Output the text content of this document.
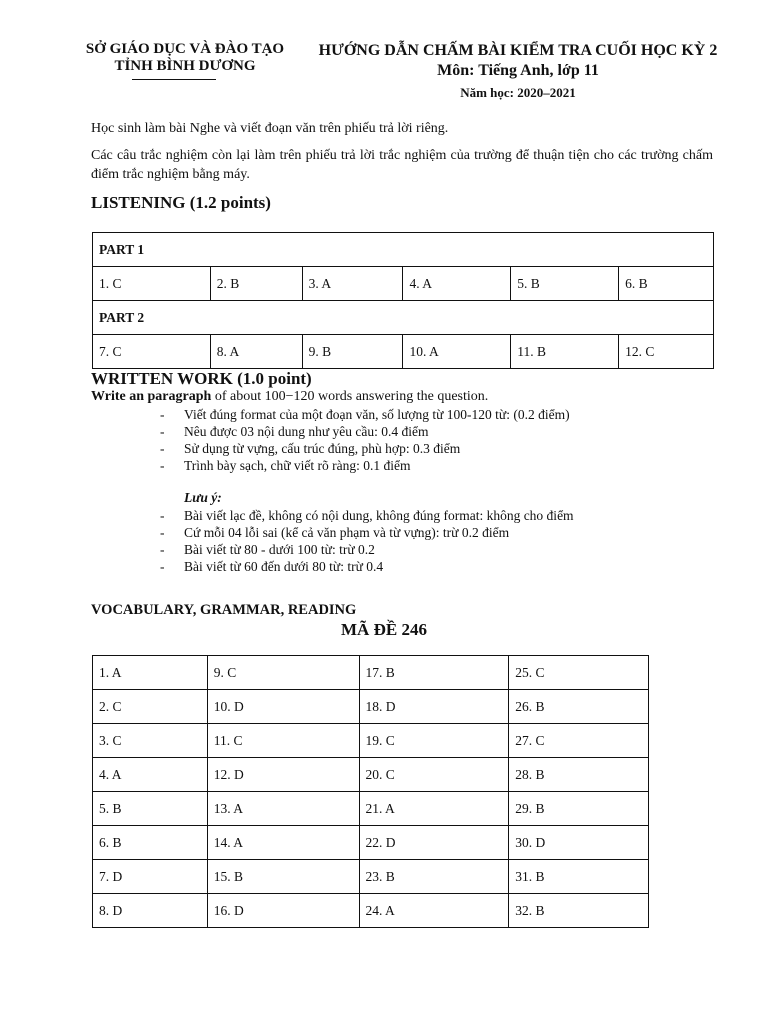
SỞ GIÁO DỤC VÀ ĐÀO TẠO
TỈNH BÌNH DƯƠNG
HƯỚNG DẪN CHẤM BÀI KIỂM TRA CUỐI HỌC KỲ 2
Môn: Tiếng Anh, lớp 11
Năm học: 2020–2021
Học sinh làm bài Nghe và viết đoạn văn trên phiếu trả lời riêng.
Các câu trắc nghiệm còn lại làm trên phiếu trả lời trắc nghiệm của trường để thuận tiện cho các trường chấm điểm trắc nghiệm bằng máy.
LISTENING (1.2 points)
PART 1					
1. C	2. B	3. A	4. A	5. B	6. B
PART 2					
7. C	8. A	9. B	10. A	11. B	12. C
WRITTEN WORK (1.0 point)
Write an paragraph of about 100−120 words answering the question.
- Viết đúng format của một đoạn văn, số lượng từ 100-120 từ: (0.2 điểm)
- Nêu được 03 nội dung như yêu cầu: 0.4 điểm
- Sử dụng từ vựng, cấu trúc đúng, phù hợp: 0.3 điểm
- Trình bày sạch, chữ viết rõ ràng: 0.1 điểm
Lưu ý:
- Bài viết lạc đề, không có nội dung, không đúng format: không cho điểm
- Cứ mỗi 04 lỗi sai (kể cả văn phạm và từ vựng): trừ 0.2 điểm
- Bài viết từ 80 - dưới 100 từ: trừ 0.2
- Bài viết từ 60 đến dưới 80 từ: trừ 0.4
VOCABULARY, GRAMMAR, READING
MÃ ĐỀ 246
1. A	9. C	17. B	25. C
2. C	10. D	18. D	26. B
3. C	11. C	19. C	27. C
4. A	12. D	20. C	28. B
5. B	13. A	21. A	29. B
6. B	14. A	22. D	30. D
7. D	15. B	23. B	31. B
8. D	16. D	24. A	32. B
